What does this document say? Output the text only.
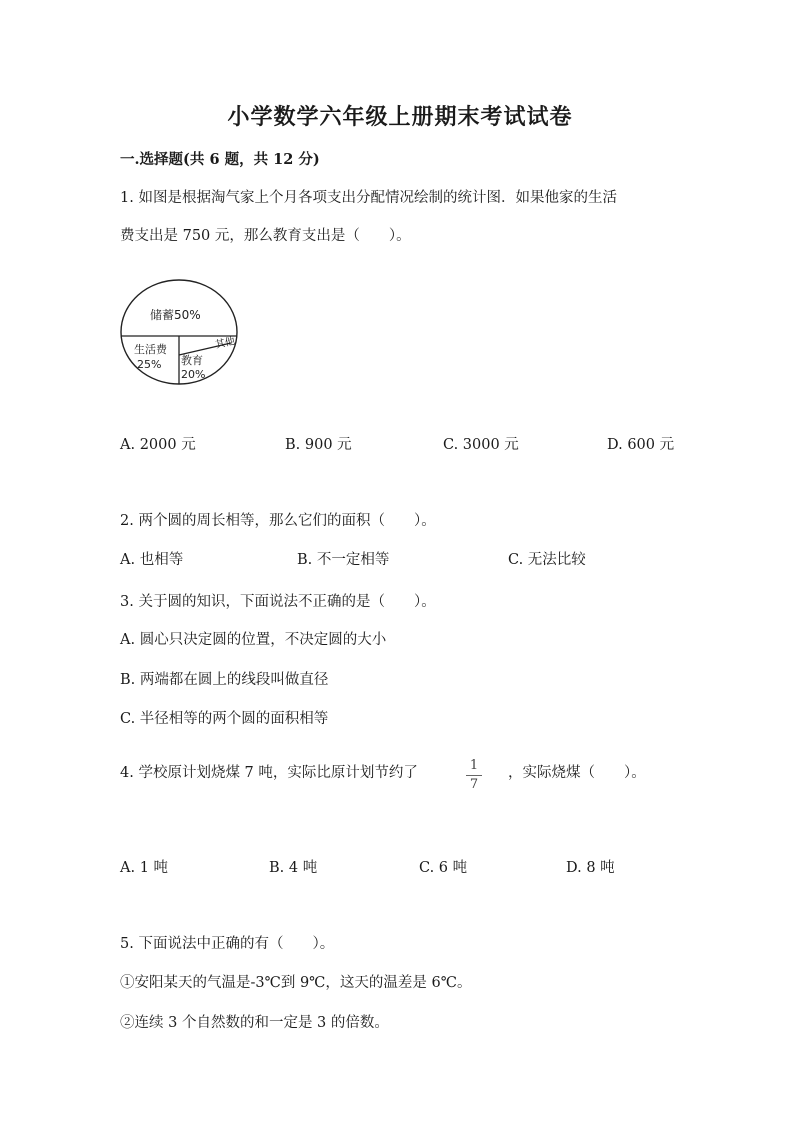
小学数学六年级上册期末考试试卷
一.选择题(共 6 题，共 12 分)
1. 如图是根据淘气家上个月各项支出分配情况绘制的统计图．如果他家的生活
费支出是 750 元，那么教育支出是（　　）。
储蓄50%
生活费
25% 教育
20%
其他
A. 2000 元	B. 900 元	C. 3000 元	D. 600 元
2. 两个圆的周长相等，那么它们的面积（　　）。
A. 也相等	B. 不一定相等	C. 无法比较
3. 关于圆的知识，下面说法不正确的是（　　）。
A. 圆心只决定圆的位置，不决定圆的大小
B. 两端都在圆上的线段叫做直径
C. 半径相等的两个圆的面积相等
4. 学校原计划烧煤 7 吨，实际比原计划节约了	1
7
，实际烧煤（　　）。
A. 1 吨	B. 4 吨	C. 6 吨	D. 8 吨
5. 下面说法中正确的有（　　）。
①安阳某天的气温是-3℃到 9℃，这天的温差是 6℃。
②连续 3 个自然数的和一定是 3 的倍数。
